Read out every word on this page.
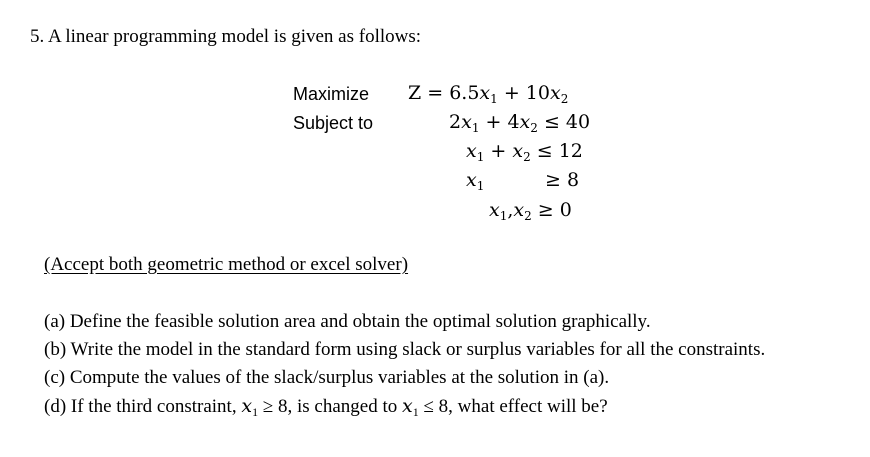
5. A linear programming model is given as follows:
Maximize
Subject to
$Z = 6.5x_1 + 10x_2$
$2x_1 + 4x_2 \le 40$
$x_1 + x_2 \le 12$
$x_1$	≥ 8
$x_1,x_2 \ge 0$
(Accept both geometric method or excel solver)
(a) Define the feasible solution area and obtain the optimal solution graphically.
(b) Write the model in the standard form using slack or surplus variables for all the constraints.
(c) Compute the values of the slack/surplus variables at the solution in (a).
(d) If the third constraint, $x_1 \ge 8$, is changed to $x_1 \le 8$, what effect will be?
